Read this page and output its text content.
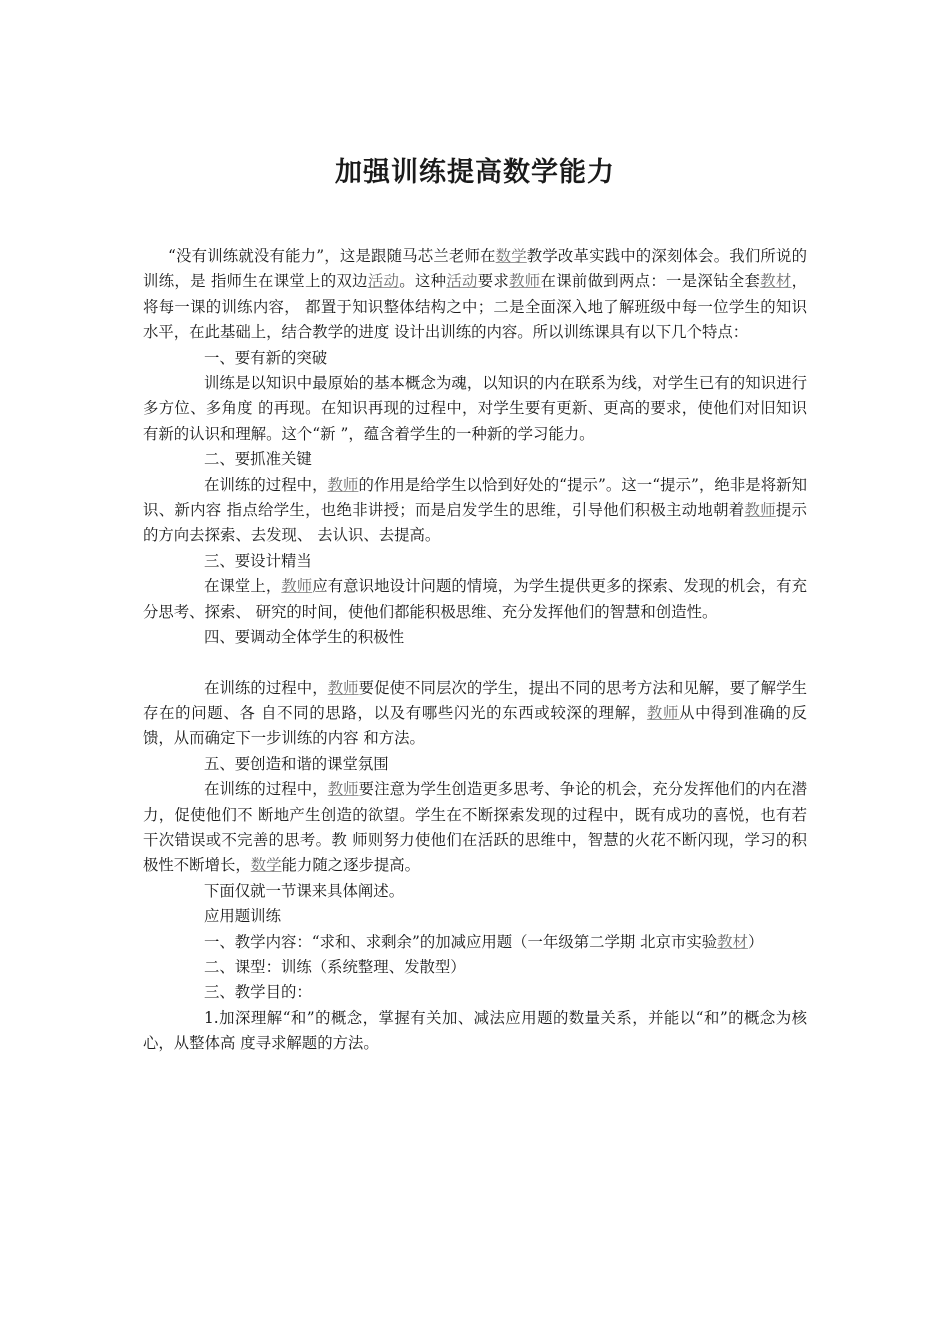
加强训练提高数学能力

“没有训练就没有能力”，这是跟随马芯兰老师在数学教学改革实践中的深刻体会。我们所说的训练，是 指师生在课堂上的双边活动。这种活动要求教师在课前做到两点：一是深钻全套教材，将每一课的训练内容， 都置于知识整体结构之中；二是全面深入地了解班级中每一位学生的知识水平，在此基础上，结合教学的进度 设计出训练的内容。所以训练课具有以下几个特点：

一、要有新的突破

训练是以知识中最原始的基本概念为魂，以知识的内在联系为线，对学生已有的知识进行多方位、多角度 的再现。在知识再现的过程中，对学生要有更新、更高的要求，使他们对旧知识有新的认识和理解。这个“新 ”，蕴含着学生的一种新的学习能力。

二、要抓准关键

在训练的过程中，教师的作用是给学生以恰到好处的“提示”。这一“提示”，绝非是将新知识、新内容 指点给学生，也绝非讲授；而是启发学生的思维，引导他们积极主动地朝着教师提示的方向去探索、去发现、 去认识、去提高。

三、要设计精当

在课堂上，教师应有意识地设计问题的情境，为学生提供更多的探索、发现的机会，有充分思考、探索、 研究的时间，使他们都能积极思维、充分发挥他们的智慧和创造性。

四、要调动全体学生的积极性

在训练的过程中，教师要促使不同层次的学生，提出不同的思考方法和见解，要了解学生存在的问题、各 自不同的思路，以及有哪些闪光的东西或较深的理解，教师从中得到准确的反馈，从而确定下一步训练的内容 和方法。

五、要创造和谐的课堂氛围

在训练的过程中，教师要注意为学生创造更多思考、争论的机会，充分发挥他们的内在潜力，促使他们不 断地产生创造的欲望。学生在不断探索发现的过程中，既有成功的喜悦，也有若干次错误或不完善的思考。教 师则努力使他们在活跃的思维中，智慧的火花不断闪现，学习的积极性不断增长，数学能力随之逐步提高。

下面仅就一节课来具体阐述。

应用题训练

一、教学内容：“求和、求剩余”的加减应用题（一年级第二学期 北京市实验教材）

二、课型：训练（系统整理、发散型）

三、教学目的：

1.加深理解“和”的概念，掌握有关加、减法应用题的数量关系，并能以“和”的概念为核心，从整体高 度寻求解题的方法。
